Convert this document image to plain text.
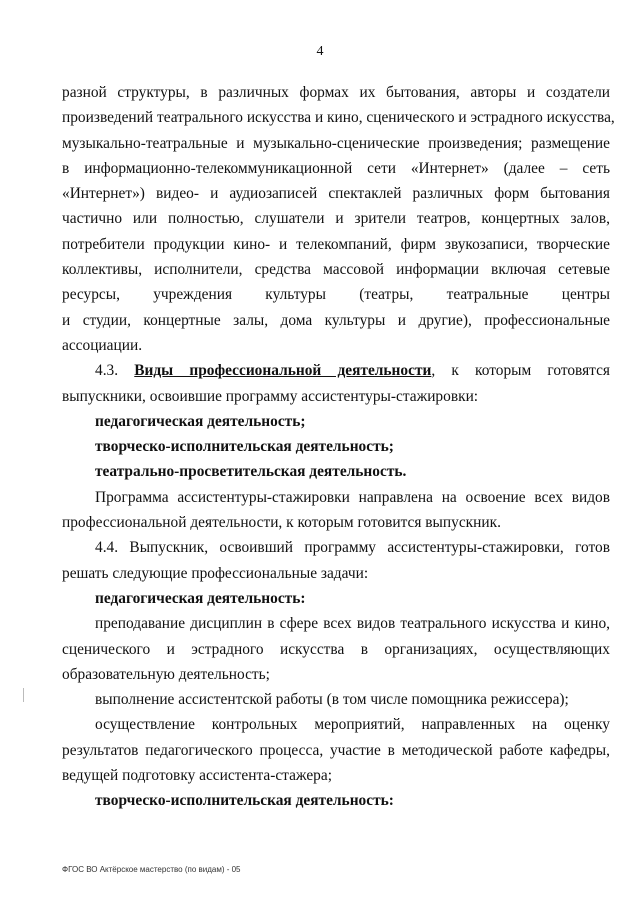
4
разной структуры, в различных формах их бытования, авторы и создатели
произведений театрального искусства и кино, сценического и эстрадного искусства,
музыкально-театральные и музыкально-сценические произведения; размещение
в информационно-телекоммуникационной сети «Интернет» (далее – сеть
«Интернет») видео- и аудиозаписей спектаклей различных форм бытования
частично или полностью, слушатели и зрители театров, концертных залов,
потребители продукции кино- и телекомпаний, фирм звукозаписи, творческие
коллективы, исполнители, средства массовой информации включая сетевые
ресурсы, учреждения культуры (театры, театральные центры
и студии, концертные залы, дома культуры и другие), профессиональные
ассоциации.
4.3. Виды профессиональной деятельности, к которым готовятся
выпускники, освоившие программу ассистентуры-стажировки:
педагогическая деятельность;
творческо-исполнительская деятельность;
театрально-просветительская деятельность.
Программа ассистентуры-стажировки направлена на освоение всех видов
профессиональной деятельности, к которым готовится выпускник.
4.4. Выпускник, освоивший программу ассистентуры-стажировки, готов
решать следующие профессиональные задачи:
педагогическая деятельность:
преподавание дисциплин в сфере всех видов театрального искусства и кино,
сценического и эстрадного искусства в организациях, осуществляющих
образовательную деятельность;
выполнение ассистентской работы (в том числе помощника режиссера);
осуществление контрольных мероприятий, направленных на оценку
результатов педагогического процесса, участие в методической работе кафедры,
ведущей подготовку ассистента-стажера;
творческо-исполнительская деятельность:
ФГОС ВО Актёрское мастерство (по видам) - 05
